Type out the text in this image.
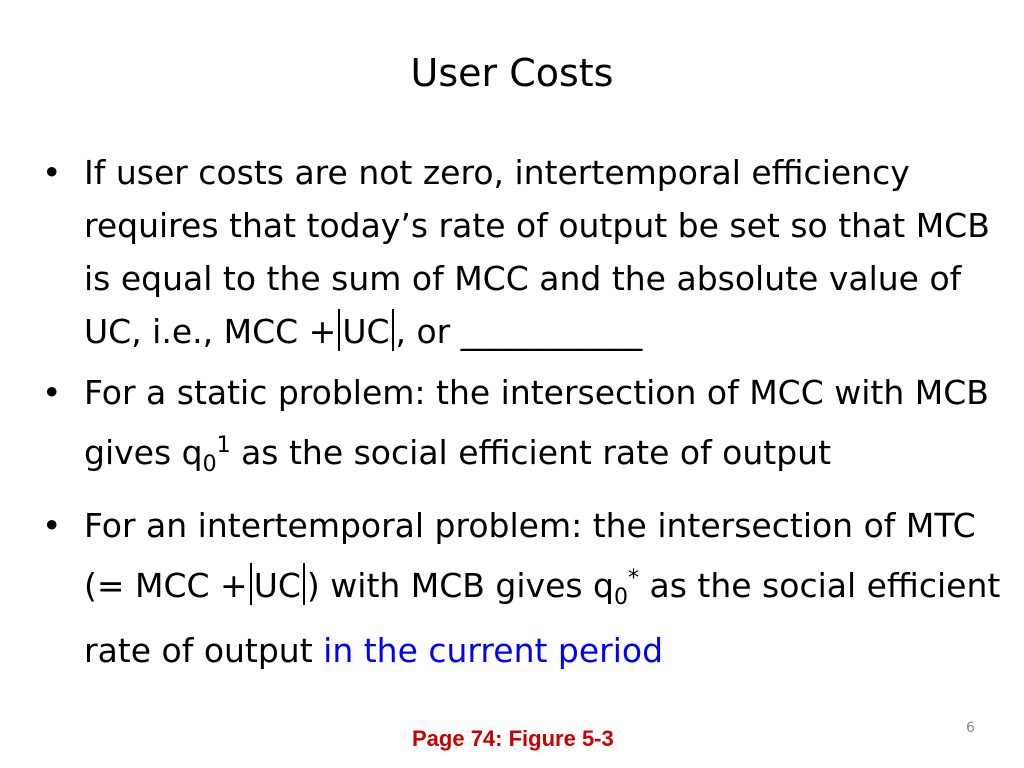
User Costs
• If user costs are not zero, intertemporal efficiency requires that today’s rate of output be set so that MCB is equal to the sum of MCC and the absolute value of UC, i.e., MCC + UC , or ___________
• For a static problem: the intersection of MCC with MCB gives $q_0^1$ as the social efficient rate of output
• For an intertemporal problem: the intersection of MTC (= MCC + UC ) with MCB gives $q_0^*$ as the social efficient rate of output in the current period
Page 74: Figure 5-3	6
